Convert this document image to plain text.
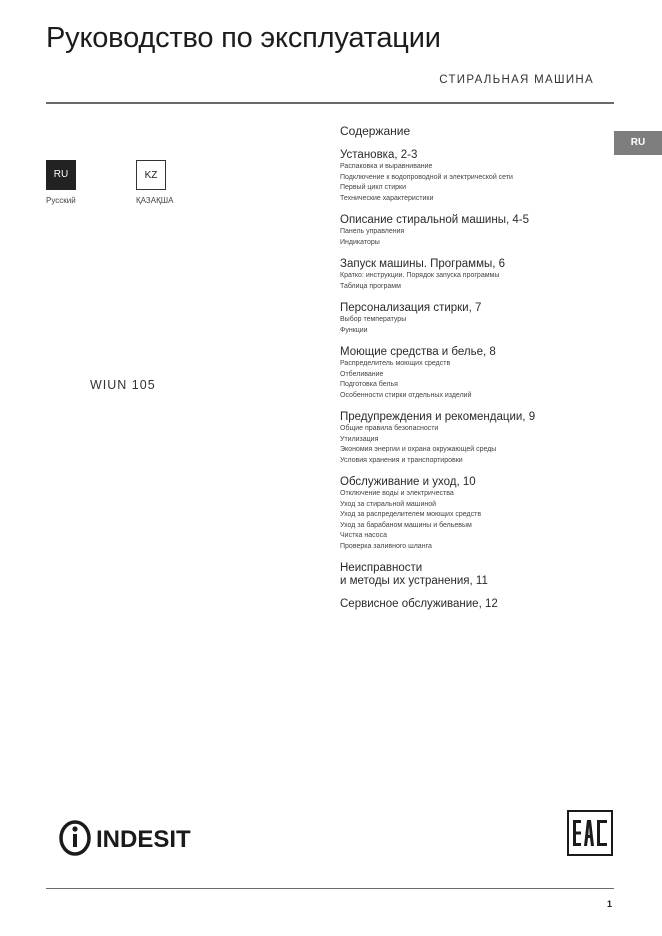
Руководство по эксплуатации
СТИРАЛЬНАЯ МАШИНА
RU
RU
Русский
KZ
ҚАЗАҚША
WIUN 105
Содержание
Установка, 2-3
Распаковка и выравнивание
Подключение к водопроводной и электрической сети
Первый цикл стирки
Технические характеристики
Описание стиральной машины, 4-5
Панель управления
Индикаторы
Запуск машины. Программы, 6
Кратко: инструкции. Порядок запуска программы
Таблица программ
Персонализация стирки, 7
Выбор температуры
Функции
Моющие средства и белье, 8
Распределитель моющих средств
Отбеливание
Подготовка белья
Особенности стирки отдельных изделий
Предупреждения и рекомендации, 9
Общие правила безопасности
Утилизация
Экономия энергии и охрана окружающей среды
Условия хранения и транспортировки
Обслуживание и уход, 10
Отключение воды и электричества
Уход за стиральной машиной
Уход за распределителем моющих средств
Уход за барабаном машины и бельевым
Чистка насоса
Проверка заливного шланга
Неисправности
и методы их устранения, 11
Сервисное обслуживание, 12
INDESIT
1
